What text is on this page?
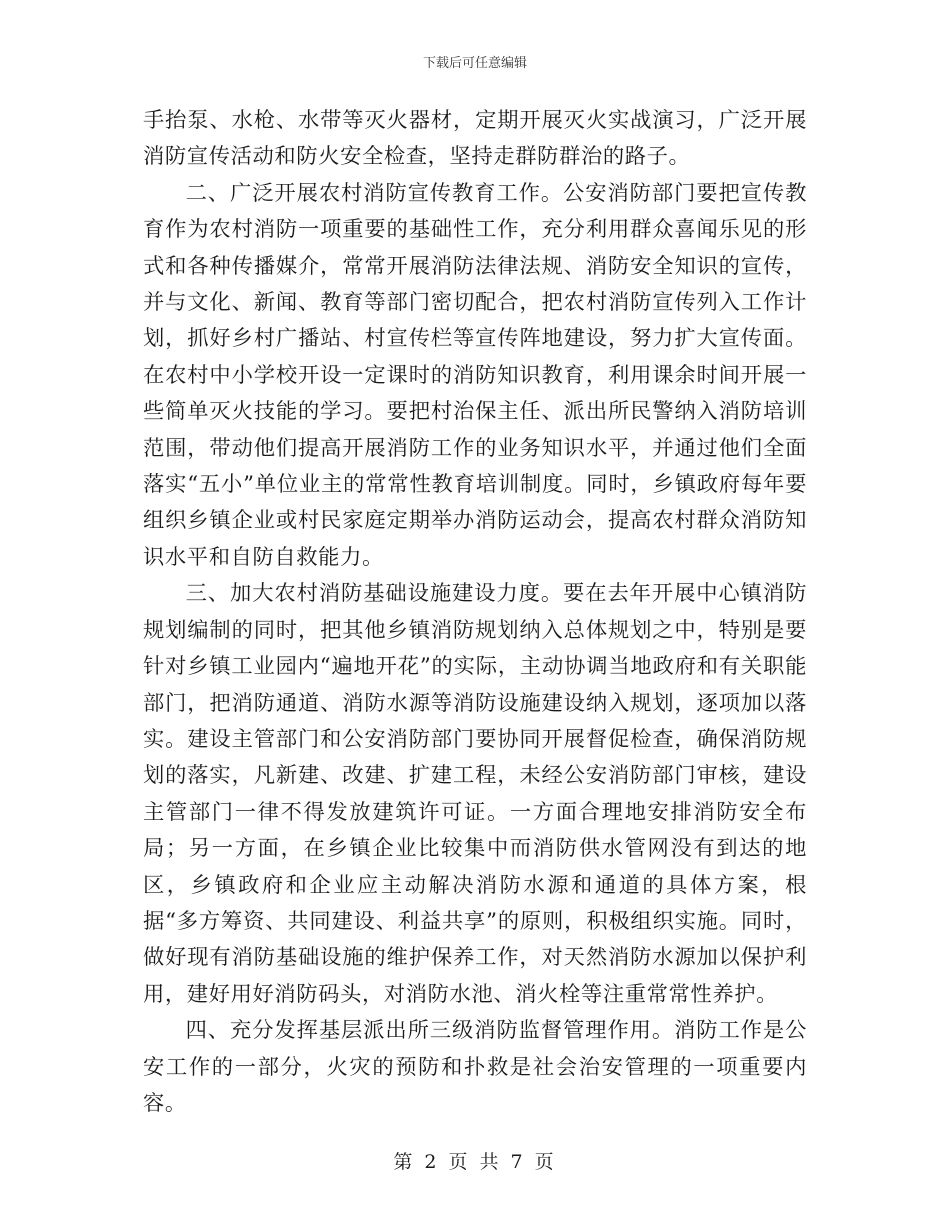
下载后可任意编辑

手抬泵、水枪、水带等灭火器材，定期开展灭火实战演习，广泛开展消防宣传活动和防火安全检查，坚持走群防群治的路子。

二、广泛开展农村消防宣传教育工作。公安消防部门要把宣传教育作为农村消防一项重要的基础性工作，充分利用群众喜闻乐见的形式和各种传播媒介，常常开展消防法律法规、消防安全知识的宣传，并与文化、新闻、教育等部门密切配合，把农村消防宣传列入工作计划，抓好乡村广播站、村宣传栏等宣传阵地建设，努力扩大宣传面。在农村中小学校开设一定课时的消防知识教育，利用课余时间开展一些简单灭火技能的学习。要把村治保主任、派出所民警纳入消防培训范围，带动他们提高开展消防工作的业务知识水平，并通过他们全面落实“五小”单位业主的常常性教育培训制度。同时，乡镇政府每年要组织乡镇企业或村民家庭定期举办消防运动会，提高农村群众消防知识水平和自防自救能力。

三、加大农村消防基础设施建设力度。要在去年开展中心镇消防规划编制的同时，把其他乡镇消防规划纳入总体规划之中，特别是要针对乡镇工业园内“遍地开花”的实际，主动协调当地政府和有关职能部门，把消防通道、消防水源等消防设施建设纳入规划，逐项加以落实。建设主管部门和公安消防部门要协同开展督促检查，确保消防规划的落实，凡新建、改建、扩建工程，未经公安消防部门审核，建设主管部门一律不得发放建筑许可证。一方面合理地安排消防安全布局；另一方面，在乡镇企业比较集中而消防供水管网没有到达的地区，乡镇政府和企业应主动解决消防水源和通道的具体方案，根据“多方筹资、共同建设、利益共享”的原则，积极组织实施。同时，做好现有消防基础设施的维护保养工作，对天然消防水源加以保护利用，建好用好消防码头，对消防水池、消火栓等注重常常性养护。

四、充分发挥基层派出所三级消防监督管理作用。消防工作是公安工作的一部分，火灾的预防和扑救是社会治安管理的一项重要内容。

第 2 页 共 7 页
